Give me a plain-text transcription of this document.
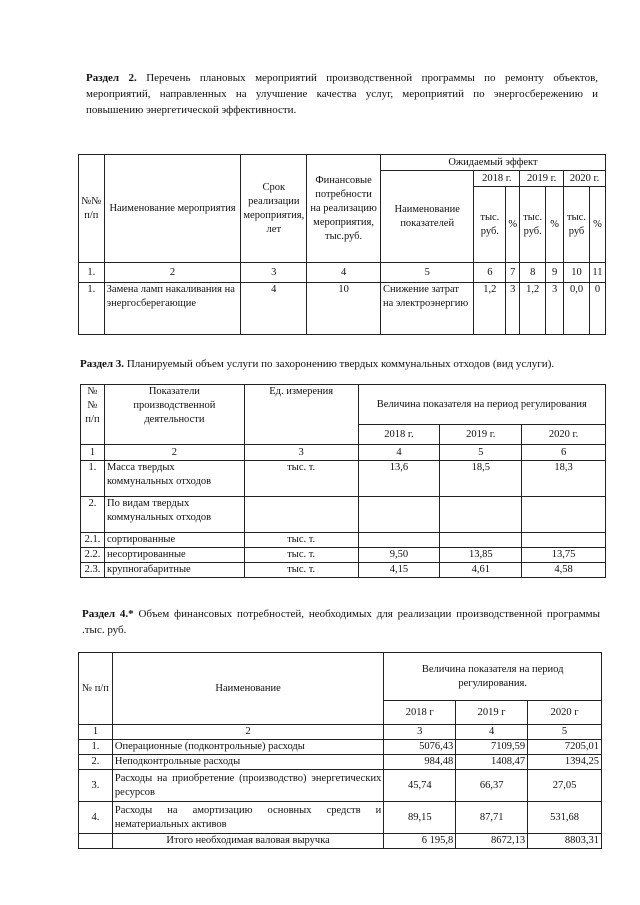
Раздел 2. Перечень плановых мероприятий производственной программы по ремонту объектов, мероприятий, направленных на улучшение качества услуг, мероприятий по энергосбережению и повышению энергетической эффективности.
№№ п/п	Наименование мероприятия	Срок реализации мероприятия, лет	Финансовые потребности на реализацию мероприятия, тыс.руб.	Ожидаемый эффект						
				Наименование показателей	2018 г.		2019 г.		2020 г.	
					тыс. руб.	%	тыс. руб.	%	тыс. руб	%
1.	2	3	4	5	6	7	8	9	10	11
1.	Замена ламп накаливания на энергосберегающие	4	10	Снижение затрат на электроэнергию	1,2	3	1,2	3	0,0	0
Раздел 3. Планируемый объем услуги по захоронению твердых коммунальных отходов (вид услуги).
№№ п/п	Показатели производственной деятельности	Ед. измерения	Величина показателя на период регулирования		
			2018 г.	2019 г.	2020 г.
1	2	3	4	5	6
1.	Масса твердых коммунальных отходов	тыс. т.	13,6	18,5	18,3
2.	По видам твердых коммунальных отходов				
2.1.	сортированные	тыс. т.			
2.2.	несортированные	тыс. т.	9,50	13,85	13,75
2.3.	крупногабаритные	тыс. т.	4,15	4,61	4,58
Раздел 4.* Объем финансовых потребностей, необходимых для реализации производственной программы .тыс. руб.
№ п/п	Наименование	Величина показателя на период регулирования.		
		2018 г	2019 г	2020 г
1	2	3	4	5
1.	Операционные (подконтрольные) расходы	5076,43	7109,59	7205,01
2.	Неподконтрольные расходы	984,48	1408,47	1394,25
3.	Расходы на приобретение (производство) энергетических ресурсов	45,74	66,37	27,05
4.	Расходы на амортизацию основных средств и нематериальных активов	89,15	87,71	531,68
	Итого необходимая валовая выручка	6 195,8	8672,13	8803,31
